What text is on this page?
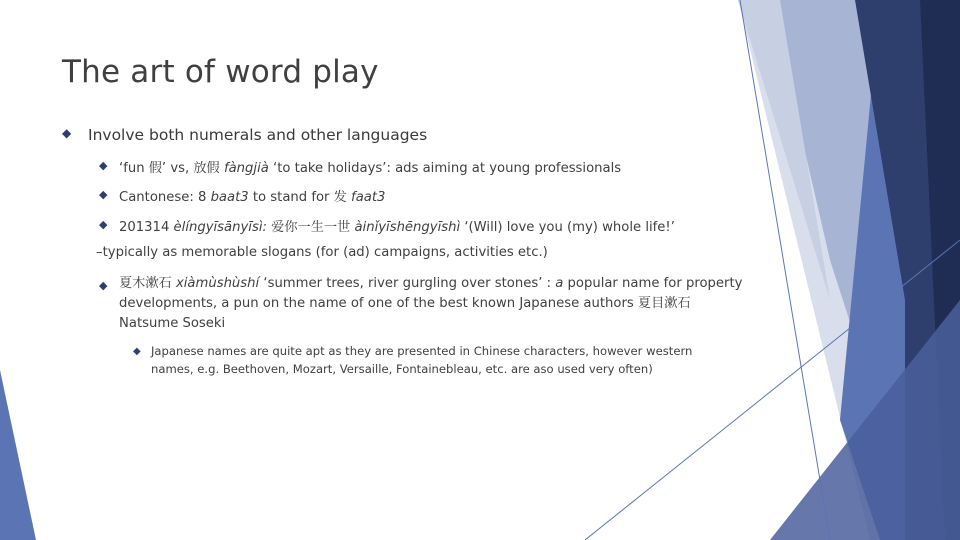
The art of word play
◆ Involve both numerals and other languages
◆ ‘fun 假’ vs, 放假 fàngjià ‘to take holidays’: ads aiming at young professionals
◆ Cantonese: 8 baat3 to stand for 发 faat3
◆ 201314 èlíngyīsānyīsì: 爱你一生一世 àinǐyīshēngyīshì ‘(Will) love you (my) whole life!’
–typically as memorable slogans (for (ad) campaigns, activities etc.)
◆ 夏木漱石 xiàmùshùshí ‘summer trees, river gurgling over stones’ : a popular name for property developments, a pun on the name of one of the best known Japanese authors 夏目漱石 Natsume Soseki
◆ Japanese names are quite apt as they are presented in Chinese characters, however western names, e.g. Beethoven, Mozart, Versaille, Fontainebleau, etc. are aso used very often)
